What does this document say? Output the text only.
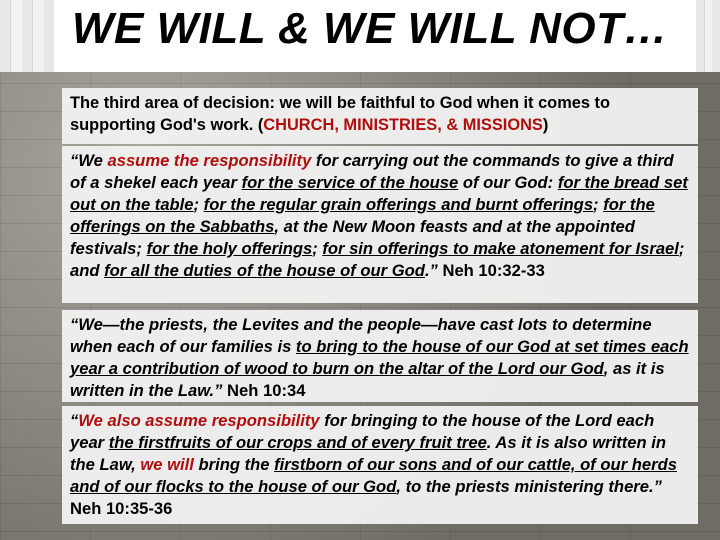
WE WILL & WE WILL NOT…
The third area of decision: we will be faithful to God when it comes to supporting God's work. (CHURCH, MINISTRIES, & MISSIONS)
“We assume the responsibility for carrying out the commands to give a third of a shekel each year for the service of the house of our God: for the bread set out on the table; for the regular grain offerings and burnt offerings; for the offerings on the Sabbaths, at the New Moon feasts and at the appointed festivals; for the holy offerings; for sin offerings to make atonement for Israel; and for all the duties of the house of our God.” Neh 10:32-33
“We—the priests, the Levites and the people—have cast lots to determine when each of our families is to bring to the house of our God at set times each year a contribution of wood to burn on the altar of the Lord our God, as it is written in the Law.” Neh 10:34
“We also assume responsibility for bringing to the house of the Lord each year the firstfruits of our crops and of every fruit tree. As it is also written in the Law, we will bring the firstborn of our sons and of our cattle, of our herds and of our flocks to the house of our God, to the priests ministering there.” Neh 10:35-36
